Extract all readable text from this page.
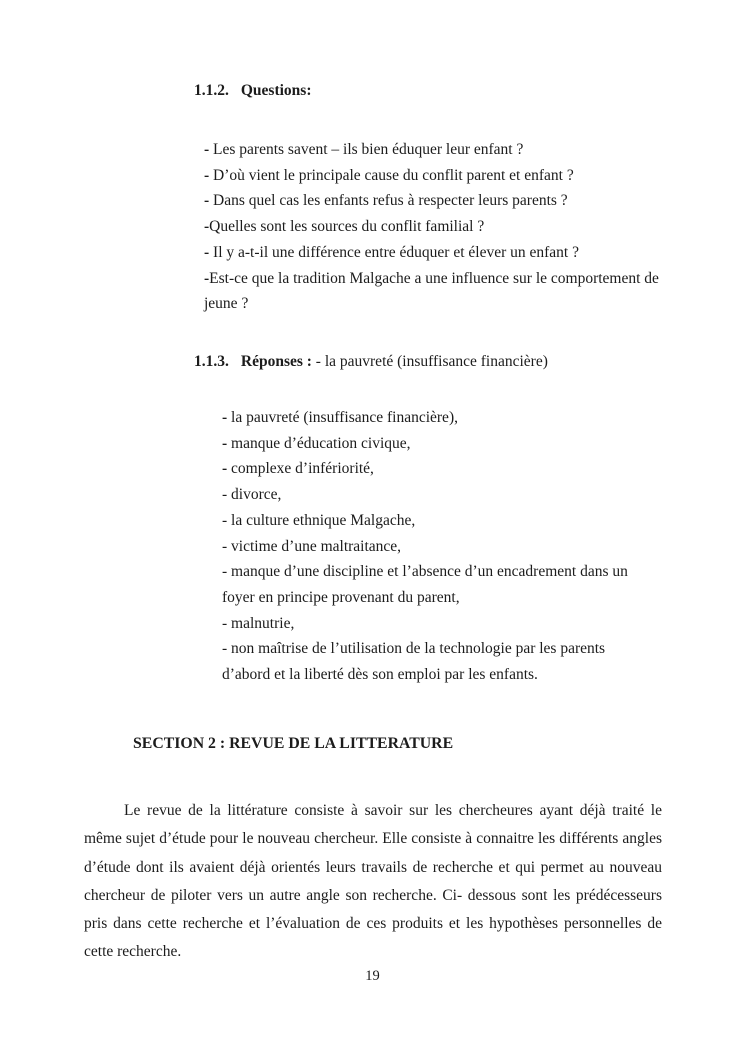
1.1.2. Questions:
- Les parents savent – ils bien éduquer leur enfant ?
- D’où vient le principale cause du conflit parent et enfant ?
- Dans quel cas les enfants refus à respecter leurs parents ?
-Quelles sont les sources du conflit familial ?
- Il y a-t-il une différence entre éduquer et élever un enfant ?
-Est-ce que la tradition Malgache a une influence sur le comportement de jeune ?
1.1.3. Réponses : - la pauvreté (insuffisance financière)
- la pauvreté (insuffisance financière),
- manque d’éducation civique,
- complexe d’infériorité,
- divorce,
- la culture ethnique Malgache,
- victime d’une maltraitance,
- manque d’une discipline et l’absence d’un encadrement dans un foyer en principe provenant du parent,
- malnutrie,
- non maîtrise de l’utilisation de la technologie par les parents d’abord et la liberté dès son emploi par les enfants.
SECTION 2 : REVUE DE LA LITTERATURE

Le revue de la littérature consiste à savoir sur les chercheures ayant déjà traité le même sujet d’étude pour le nouveau chercheur. Elle consiste à connaitre les différents angles d’étude dont ils avaient déjà orientés leurs travails de recherche et qui permet au nouveau chercheur de piloter vers un autre angle son recherche. Ci- dessous sont les prédécesseurs pris dans cette recherche et l’évaluation de ces produits et les hypothèses personnelles de cette recherche.

19
